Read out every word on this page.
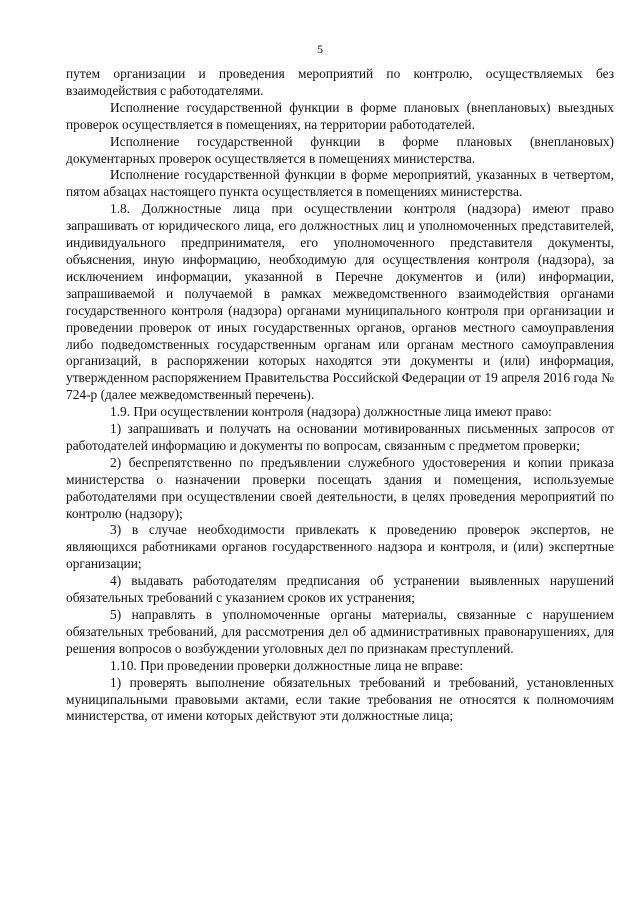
5

путем организации и проведения мероприятий по контролю, осуществляемых без взаимодействия с работодателями.

Исполнение государственной функции в форме плановых (внеплановых) выездных проверок осуществляется в помещениях, на территории работодателей.

Исполнение государственной функции в форме плановых (внеплановых) документарных проверок осуществляется в помещениях министерства.

Исполнение государственной функции в форме мероприятий, указанных в четвертом, пятом абзацах настоящего пункта осуществляется в помещениях министерства.

1.8. Должностные лица при осуществлении контроля (надзора) имеют право запрашивать от юридического лица, его должностных лиц и уполномоченных представителей, индивидуального предпринимателя, его уполномоченного представителя документы, объяснения, иную информацию, необходимую для осуществления контроля (надзора), за исключением информации, указанной в Перечне документов и (или) информации, запрашиваемой и получаемой в рамках межведомственного взаимодействия органами государственного контроля (надзора) органами муниципального контроля при организации и проведении проверок от иных государственных органов, органов местного самоуправления либо подведомственных государственным органам или органам местного самоуправления организаций, в распоряжении которых находятся эти документы и (или) информация, утвержденном распоряжением Правительства Российской Федерации от 19 апреля 2016 года № 724-р (далее межведомственный перечень).

1.9. При осуществлении контроля (надзора) должностные лица имеют право:

1) запрашивать и получать на основании мотивированных письменных запросов от работодателей информацию и документы по вопросам, связанным с предметом проверки;

2) беспрепятственно по предъявлении служебного удостоверения и копии приказа министерства о назначении проверки посещать здания и помещения, используемые работодателями при осуществлении своей деятельности, в целях проведения мероприятий по контролю (надзору);

3) в случае необходимости привлекать к проведению проверок экспертов, не являющихся работниками органов государственного надзора и контроля, и (или) экспертные организации;

4) выдавать работодателям предписания об устранении выявленных нарушений обязательных требований с указанием сроков их устранения;

5) направлять в уполномоченные органы материалы, связанные с нарушением обязательных требований, для рассмотрения дел об административных правонарушениях, для решения вопросов о возбуждении уголовных дел по признакам преступлений.

1.10. При проведении проверки должностные лица не вправе:

1) проверять выполнение обязательных требований и требований, установленных муниципальными правовыми актами, если такие требования не относятся к полномочиям министерства, от имени которых действуют эти должностные лица;
